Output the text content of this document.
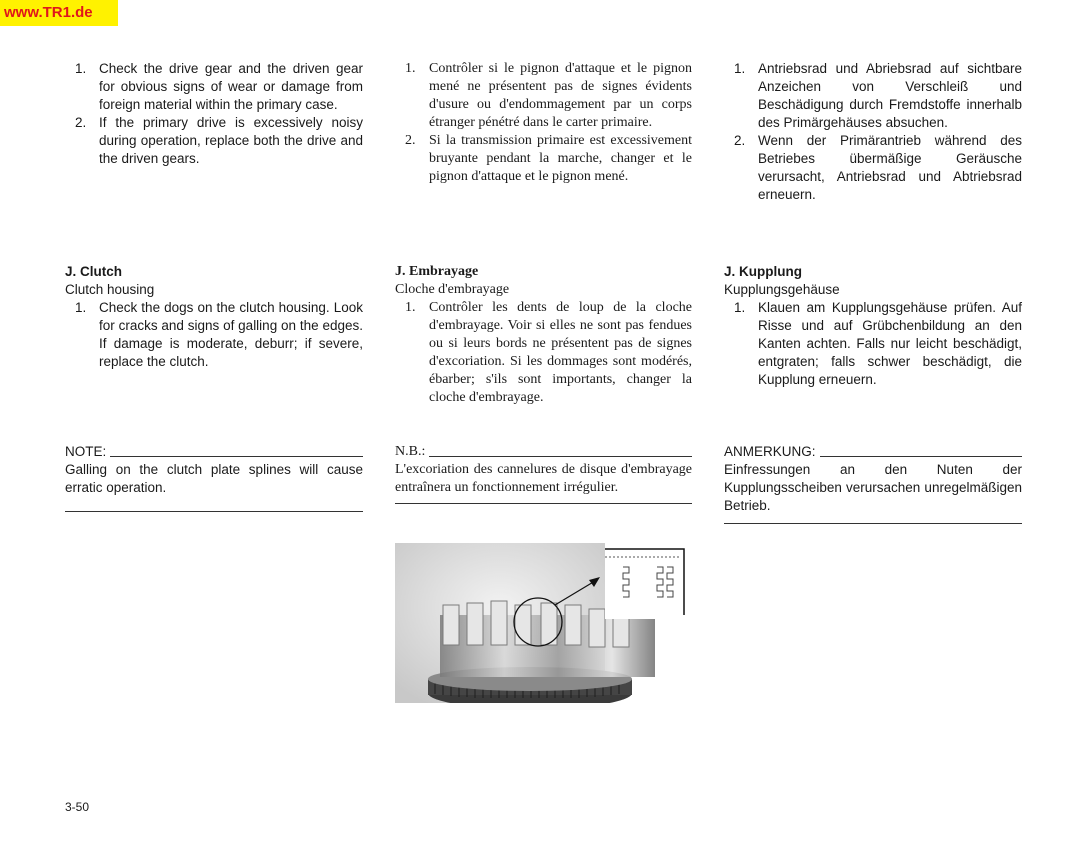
www.TR1.de
1. Check the drive gear and the driven gear for obvious signs of wear or damage from foreign material within the primary case.
2. If the primary drive is excessively noisy during operation, replace both the drive and the driven gears.

J. Clutch

Clutch housing

1. Check the dogs on the clutch housing. Look for cracks and signs of galling on the edges. If damage is moderate, deburr; if severe, replace the clutch.
NOTE:

Galling on the clutch plate splines will cause erratic operation.

1. Contrôler si le pignon d'attaque et le pignon mené ne présentent pas de signes évidents d'usure ou d'endommagement par un corps étranger pénétré dans le carter primaire.
2. Si la transmission primaire est excessivement bruyante pendant la marche, changer et le pignon d'attaque et le pignon mené.

J. Embrayage

Cloche d'embrayage

1. Contrôler les dents de loup de la cloche d'embrayage. Voir si elles ne sont pas fendues ou si leurs bords ne présentent pas de signes d'excoriation. Si les dommages sont modérés, ébarber; s'ils sont importants, changer la cloche d'embrayage.
N.B.:

L'excoriation des cannelures de disque d'embrayage entraînera un fonctionnement irrégulier.

1. Antriebsrad und Abriebsrad auf sichtbare Anzeichen von Verschleiß und Beschädigung durch Fremdstoffe innerhalb des Primärgehäuses absuchen.
2. Wenn der Primärantrieb während des Betriebes übermäßige Geräusche verursacht, Antriebsrad und Abtriebsrad erneuern.

J. Kupplung

Kupplungsgehäuse

1. Klauen am Kupplungsgehäuse prüfen. Auf Risse und auf Grübchenbildung an den Kanten achten. Falls nur leicht beschädigt, entgraten; falls schwer beschädigt, die Kupplung erneuern.
ANMERKUNG:

Einfressungen an den Nuten der Kupplungsscheiben verursachen unregelmäßigen Betrieb.

3-50
